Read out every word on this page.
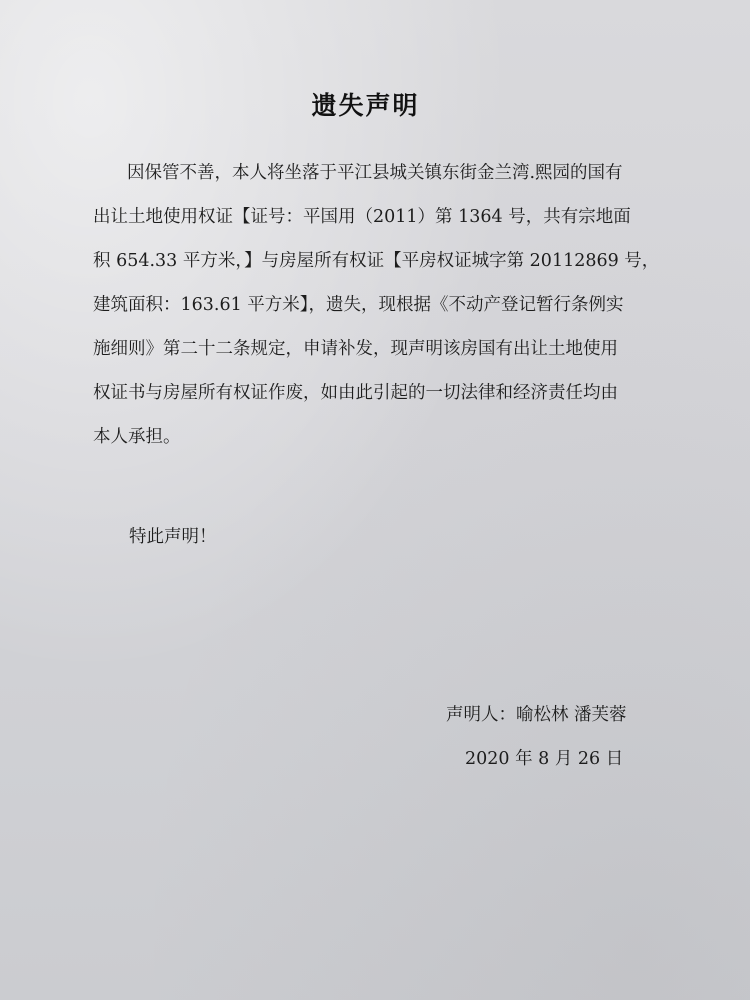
遗失声明
因保管不善，本人将坐落于平江县城关镇东街金兰湾.熙园的国有
出让土地使用权证【证号：平国用（2011）第 1364 号，共有宗地面
积 654.33 平方米，】与房屋所有权证【平房权证城字第 20112869 号，
建筑面积：163.61 平方米】，遗失，现根据《不动产登记暂行条例实
施细则》第二十二条规定，申请补发，现声明该房国有出让土地使用
权证书与房屋所有权证作废，如由此引起的一切法律和经济责任均由
本人承担。
特此声明！
声明人：喻松林 潘芙蓉
2020 年 8 月 26 日
